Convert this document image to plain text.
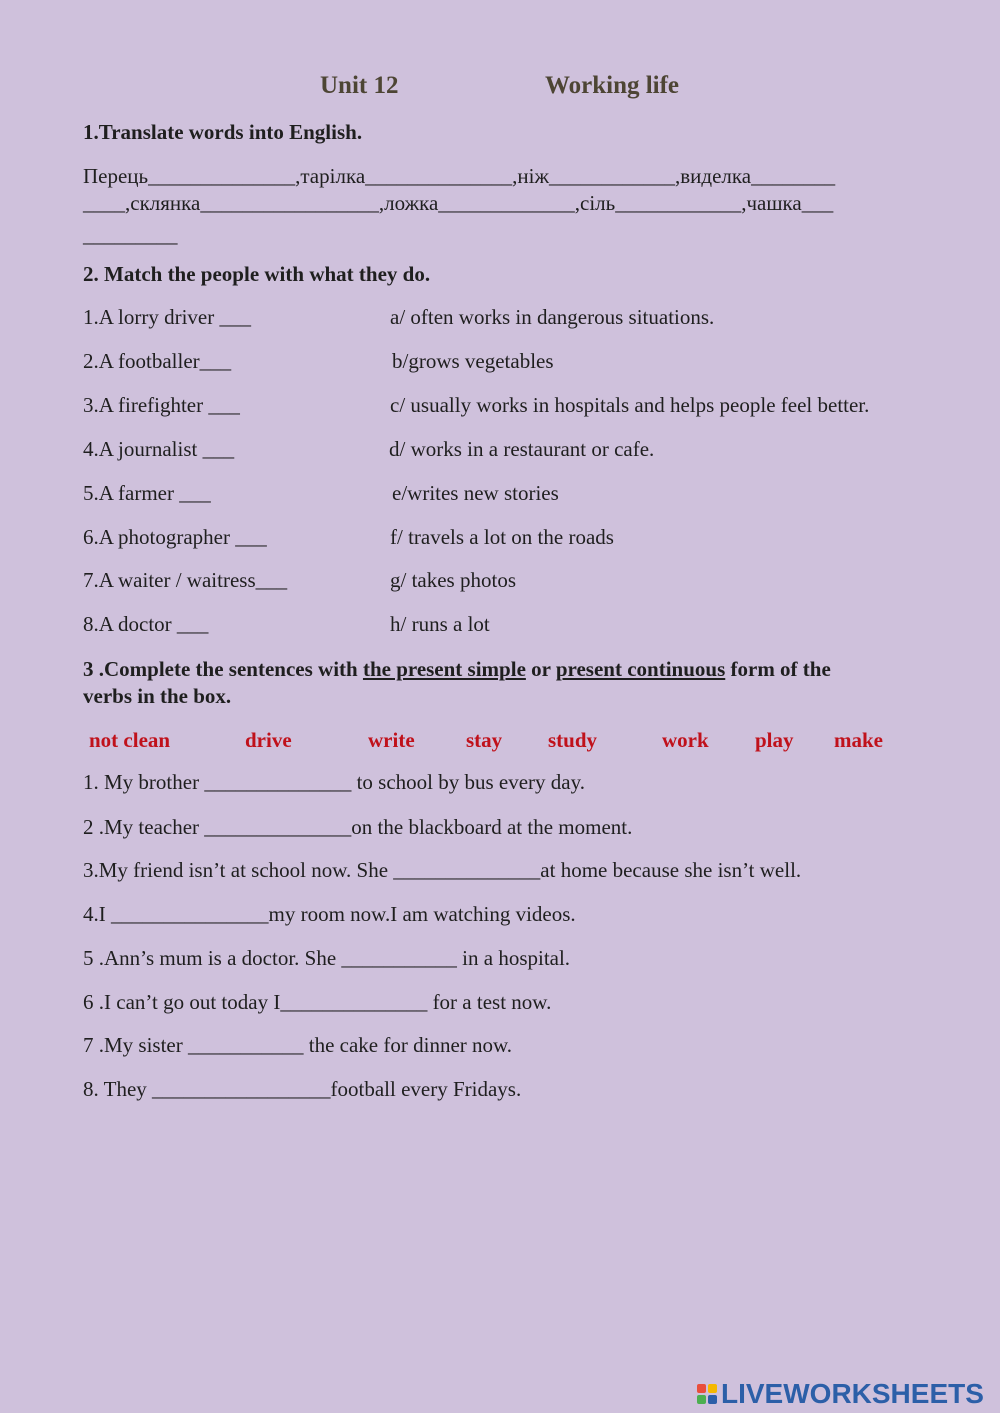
Unit 12	Working life
1.Translate words into English.
Перець______________,тарілка______________,ніж____________,виделка________
____,склянка_________________,ложка_____________,сіль____________,чашка___
_________
2. Match the people with what they do.
1.A lorry driver ___	a/ often works in dangerous situations.
2.A footballer___	b/grows vegetables
3.A firefighter ___	c/ usually works in hospitals and helps people feel better.
4.A journalist ___	d/ works in a restaurant or cafe.
5.A farmer ___	e/writes new stories
6.A photographer ___	f/ travels a lot on the roads
7.A waiter / waitress___	g/ takes photos
8.A doctor ___	h/ runs a lot
3 .Complete the sentences with the present simple or present continuous form of the
verbs in the box.
not clean	drive	write stay study	work play make
1. My brother ______________ to school by bus every day.
2 .My teacher ______________on the blackboard at the moment.
3.My friend isn’t at school now. She ______________at home because she isn’t well.
4.I _______________my room now.I am watching videos.
5 .Ann’s mum is a doctor. She ___________ in a hospital.
6 .I can’t go out today I______________ for a test now.
7 .My sister ___________ the cake for dinner now.
8. They _________________football every Fridays.
LIVEWORKSHEETS
